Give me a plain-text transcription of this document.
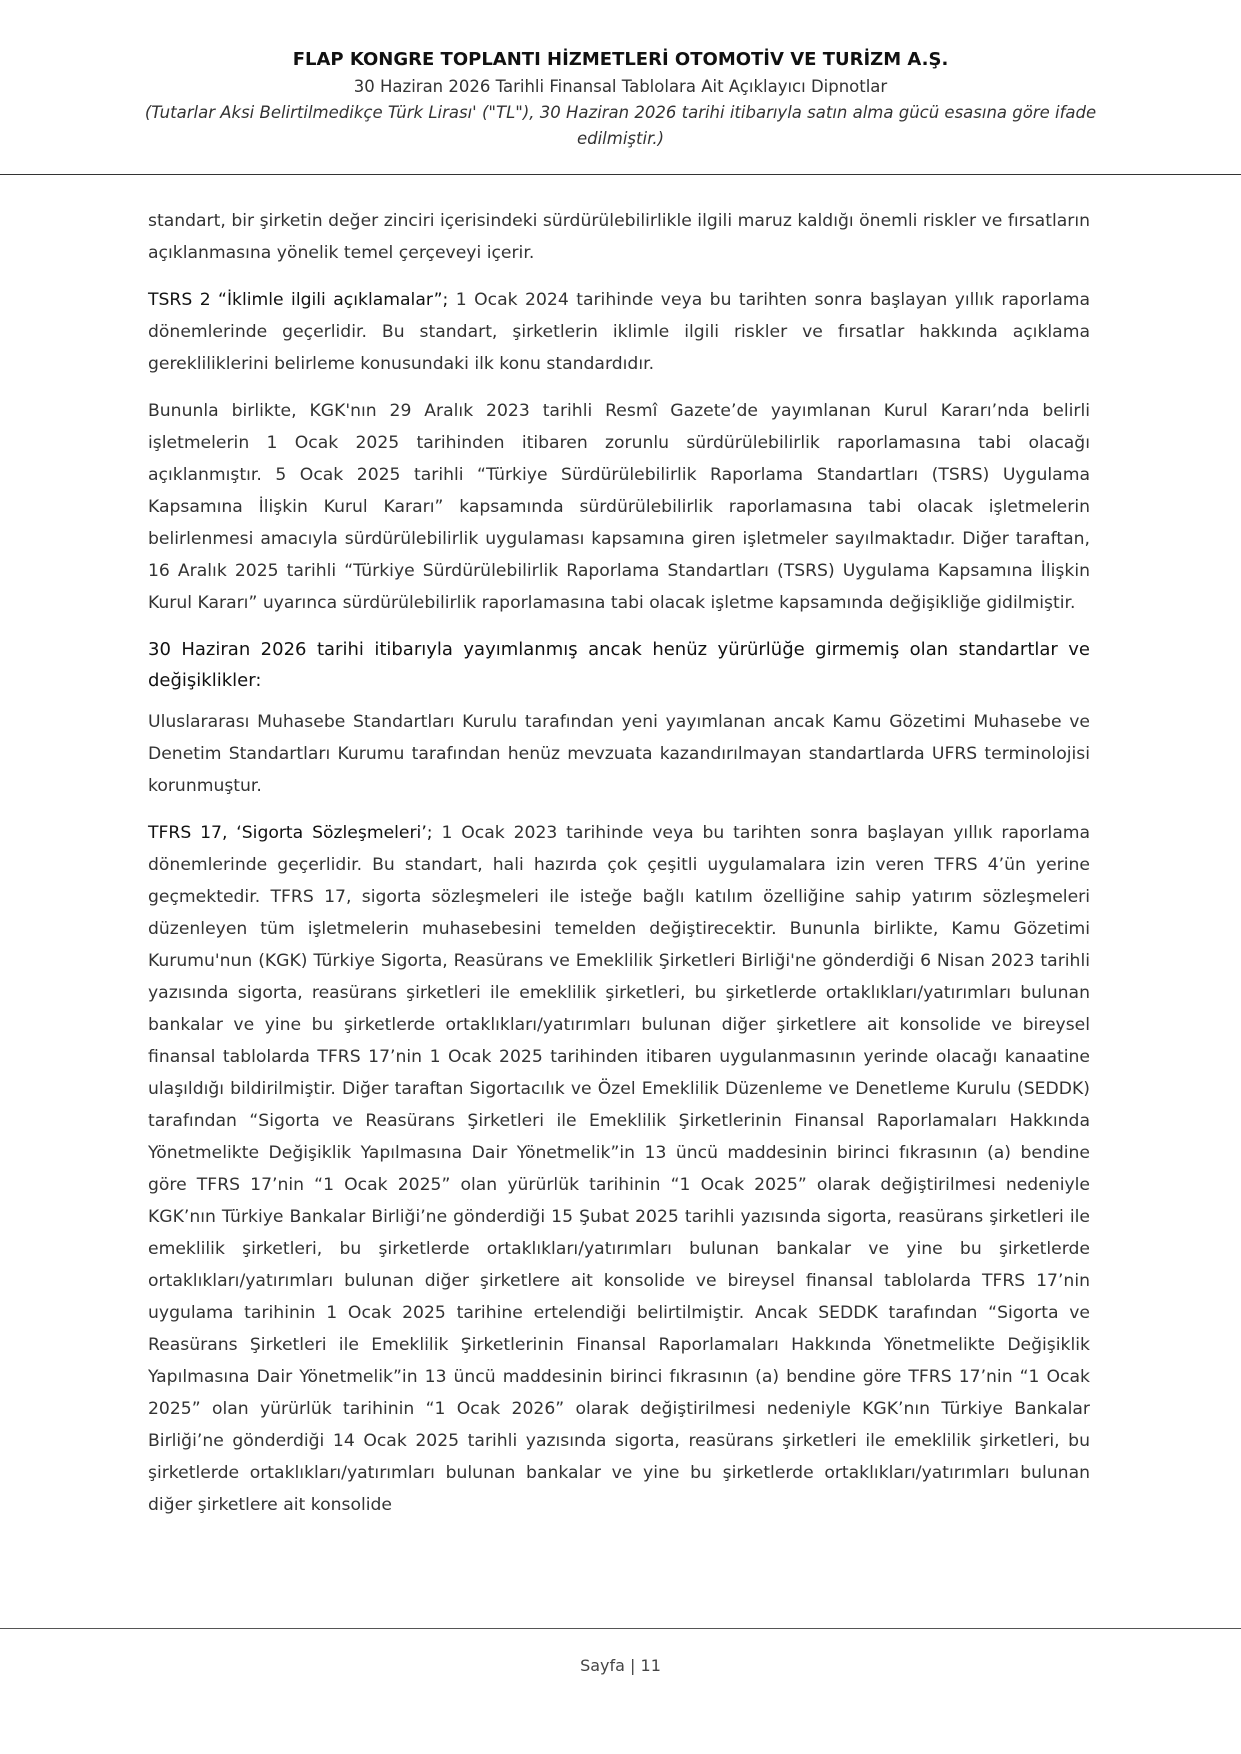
FLAP KONGRE TOPLANTI HİZMETLERİ OTOMOTİV VE TURİZM A.Ş.
30 Haziran 2026 Tarihli Finansal Tablolara Ait Açıklayıcı Dipnotlar
(Tutarlar Aksi Belirtilmedikçe Türk Lirası' ("TL"), 30 Haziran 2026 tarihi itibarıyla satın alma gücü esasına göre ifade edilmiştir.)

standart, bir şirketin değer zinciri içerisindeki sürdürülebilirlikle ilgili maruz kaldığı önemli riskler ve fırsatların açıklanmasına yönelik temel çerçeveyi içerir.

TSRS 2 “İklimle ilgili açıklamalar”; 1 Ocak 2024 tarihinde veya bu tarihten sonra başlayan yıllık raporlama dönemlerinde geçerlidir. Bu standart, şirketlerin iklimle ilgili riskler ve fırsatlar hakkında açıklama gerekliliklerini belirleme konusundaki ilk konu standardıdır.

Bununla birlikte, KGK'nın 29 Aralık 2023 tarihli Resmî Gazete’de yayımlanan Kurul Kararı’nda belirli işletmelerin 1 Ocak 2025 tarihinden itibaren zorunlu sürdürülebilirlik raporlamasına tabi olacağı açıklanmıştır. 5 Ocak 2025 tarihli “Türkiye Sürdürülebilirlik Raporlama Standartları (TSRS) Uygulama Kapsamına İlişkin Kurul Kararı” kapsamında sürdürülebilirlik raporlamasına tabi olacak işletmelerin belirlenmesi amacıyla sürdürülebilirlik uygulaması kapsamına giren işletmeler sayılmaktadır. Diğer taraftan, 16 Aralık 2025 tarihli “Türkiye Sürdürülebilirlik Raporlama Standartları (TSRS) Uygulama Kapsamına İlişkin Kurul Kararı” uyarınca sürdürülebilirlik raporlamasına tabi olacak işletme kapsamında değişikliğe gidilmiştir.

30 Haziran 2026 tarihi itibarıyla yayımlanmış ancak henüz yürürlüğe girmemiş olan standartlar ve değişiklikler:

Uluslararası Muhasebe Standartları Kurulu tarafından yeni yayımlanan ancak Kamu Gözetimi Muhasebe ve Denetim Standartları Kurumu tarafından henüz mevzuata kazandırılmayan standartlarda UFRS terminolojisi korunmuştur.

TFRS 17, ‘Sigorta Sözleşmeleri’; 1 Ocak 2023 tarihinde veya bu tarihten sonra başlayan yıllık raporlama dönemlerinde geçerlidir. Bu standart, hali hazırda çok çeşitli uygulamalara izin veren TFRS 4’ün yerine geçmektedir. TFRS 17, sigorta sözleşmeleri ile isteğe bağlı katılım özelliğine sahip yatırım sözleşmeleri düzenleyen tüm işletmelerin muhasebesini temelden değiştirecektir. Bununla birlikte, Kamu Gözetimi Kurumu'nun (KGK) Türkiye Sigorta, Reasürans ve Emeklilik Şirketleri Birliği'ne gönderdiği 6 Nisan 2023 tarihli yazısında sigorta, reasürans şirketleri ile emeklilik şirketleri, bu şirketlerde ortaklıkları/yatırımları bulunan bankalar ve yine bu şirketlerde ortaklıkları/yatırımları bulunan diğer şirketlere ait konsolide ve bireysel finansal tablolarda TFRS 17’nin 1 Ocak 2025 tarihinden itibaren uygulanmasının yerinde olacağı kanaatine ulaşıldığı bildirilmiştir. Diğer taraftan Sigortacılık ve Özel Emeklilik Düzenleme ve Denetleme Kurulu (SEDDK) tarafından “Sigorta ve Reasürans Şirketleri ile Emeklilik Şirketlerinin Finansal Raporlamaları Hakkında Yönetmelikte Değişiklik Yapılmasına Dair Yönetmelik”in 13 üncü maddesinin birinci fıkrasının (a) bendine göre TFRS 17’nin “1 Ocak 2025” olan yürürlük tarihinin “1 Ocak 2025” olarak değiştirilmesi nedeniyle KGK’nın Türkiye Bankalar Birliği’ne gönderdiği 15 Şubat 2025 tarihli yazısında sigorta, reasürans şirketleri ile emeklilik şirketleri, bu şirketlerde ortaklıkları/yatırımları bulunan bankalar ve yine bu şirketlerde ortaklıkları/yatırımları bulunan diğer şirketlere ait konsolide ve bireysel finansal tablolarda TFRS 17’nin uygulama tarihinin 1 Ocak 2025 tarihine ertelendiği belirtilmiştir. Ancak SEDDK tarafından “Sigorta ve Reasürans Şirketleri ile Emeklilik Şirketlerinin Finansal Raporlamaları Hakkında Yönetmelikte Değişiklik Yapılmasına Dair Yönetmelik”in 13 üncü maddesinin birinci fıkrasının (a) bendine göre TFRS 17’nin “1 Ocak 2025” olan yürürlük tarihinin “1 Ocak 2026” olarak değiştirilmesi nedeniyle KGK’nın Türkiye Bankalar Birliği’ne gönderdiği 14 Ocak 2025 tarihli yazısında sigorta, reasürans şirketleri ile emeklilik şirketleri, bu şirketlerde ortaklıkları/yatırımları bulunan bankalar ve yine bu şirketlerde ortaklıkları/yatırımları bulunan diğer şirketlere ait konsolide

Sayfa | 11
